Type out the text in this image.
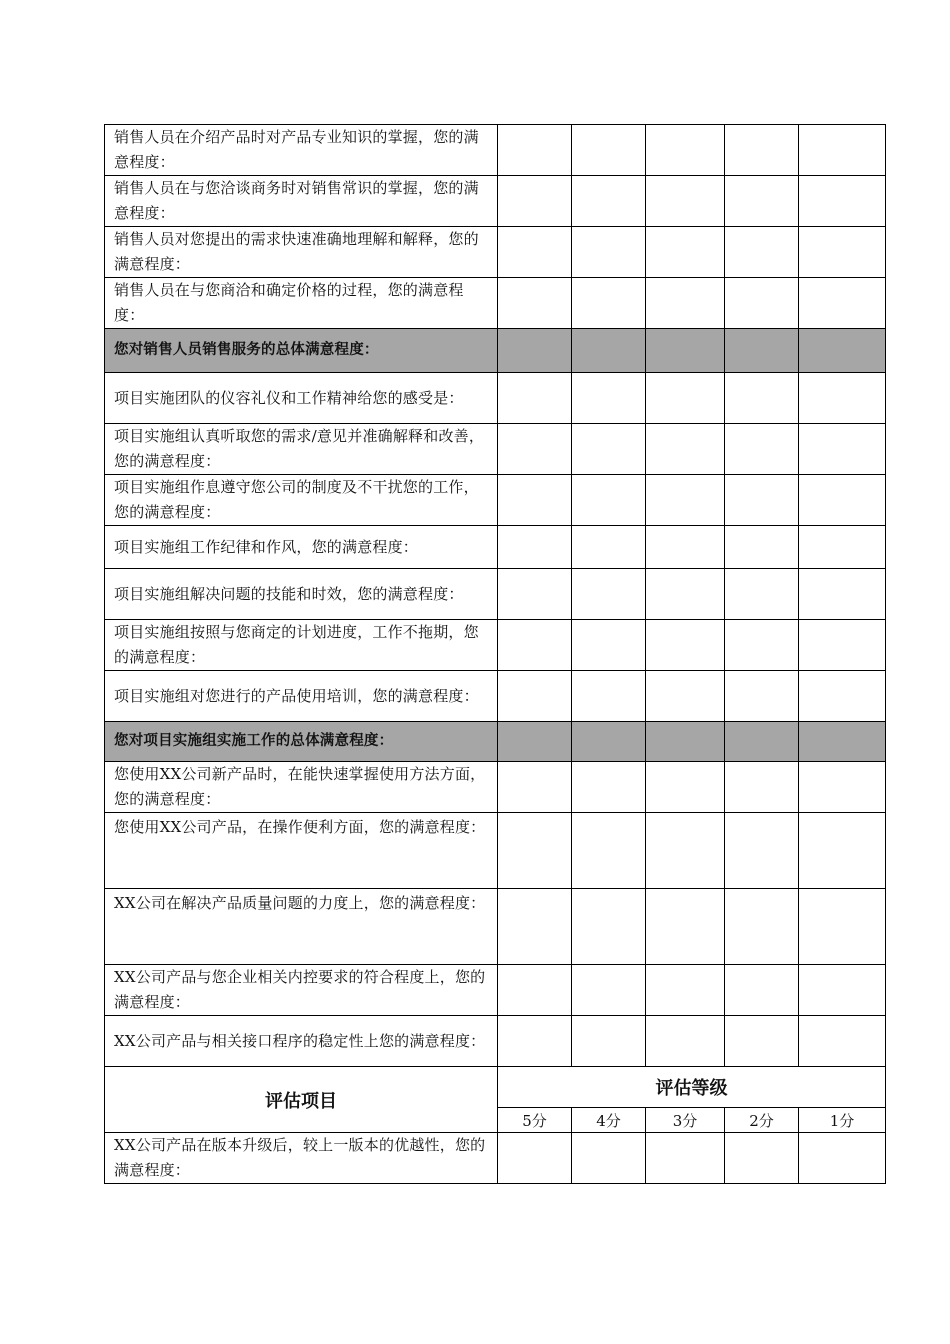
销售人员在介绍产品时对产品专业知识的掌握，您的满意程度：					
销售人员在与您洽谈商务时对销售常识的掌握，您的满意程度：					
销售人员对您提出的需求快速准确地理解和解释，您的满意程度：					
销售人员在与您商洽和确定价格的过程，您的满意程度：					
您对销售人员销售服务的总体满意程度：					
项目实施团队的仪容礼仪和工作精神给您的感受是：					
项目实施组认真听取您的需求/意见并准确解释和改善，您的满意程度：					
项目实施组作息遵守您公司的制度及不干扰您的工作，您的满意程度：					
项目实施组工作纪律和作风，您的满意程度：					
项目实施组解决问题的技能和时效，您的满意程度：					
项目实施组按照与您商定的计划进度，工作不拖期，您的满意程度：					
项目实施组对您进行的产品使用培训，您的满意程度：					
您对项目实施组实施工作的总体满意程度：					
您使用XX公司新产品时，在能快速掌握使用方法方面，您的满意程度：					
您使用XX公司产品，在操作便利方面，您的满意程度：					
XX公司在解决产品质量问题的力度上，您的满意程度：					
XX公司产品与您企业相关内控要求的符合程度上，您的满意程度：					
XX公司产品与相关接口程序的稳定性上您的满意程度：					
评估项目	评估等级				
	5分	4分	3分	2分	1分
XX公司产品在版本升级后，较上一版本的优越性，您的满意程度：					
